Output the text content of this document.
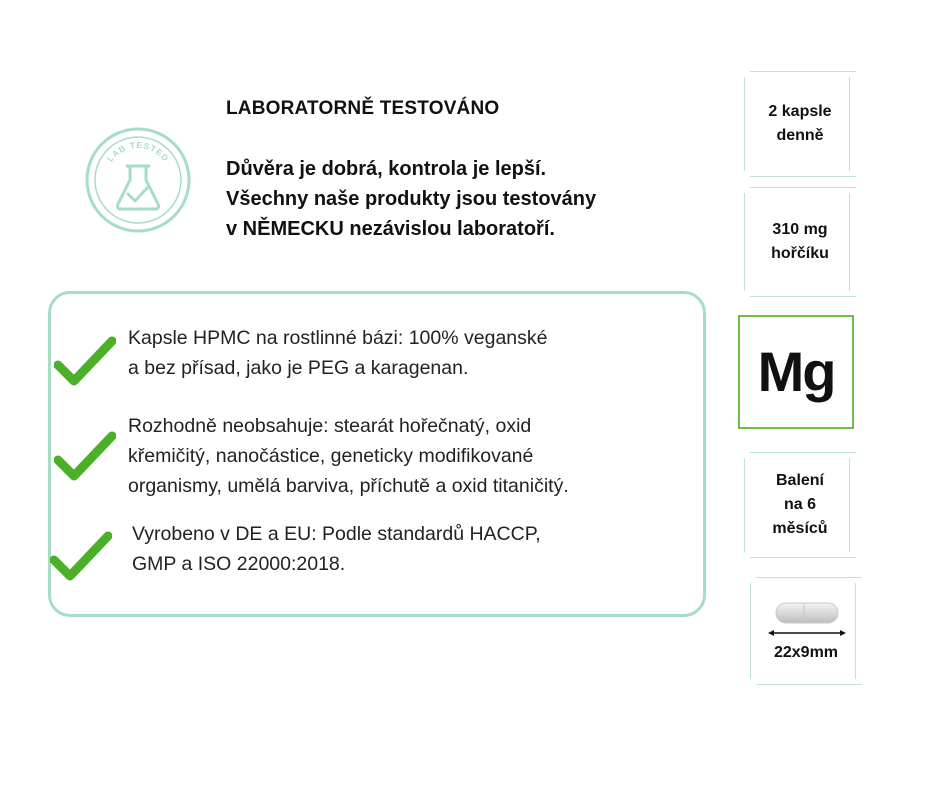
LAB TESTED
LABORATORNĚ TESTOVÁNO

Důvěra je dobrá, kontrola je lepší.
Všechny naše produkty jsou testovány
v NĚMECKU nezávislou laboratoří.

Kapsle HPMC na rostlinné bázi: 100% veganské
a bez přísad, jako je PEG a karagenan.

Rozhodně neobsahuje: stearát hořečnatý, oxid
křemičitý, nanočástice, geneticky modifikované
organismy, umělá barviva, příchutě a oxid titaničitý.

Vyrobeno v DE a EU: Podle standardů HACCP,
GMP a ISO 22000:2018.

2 kapsle
denně
310 mg
hořčíku
Mg
Balení
na 6
měsíců
22x9mm
